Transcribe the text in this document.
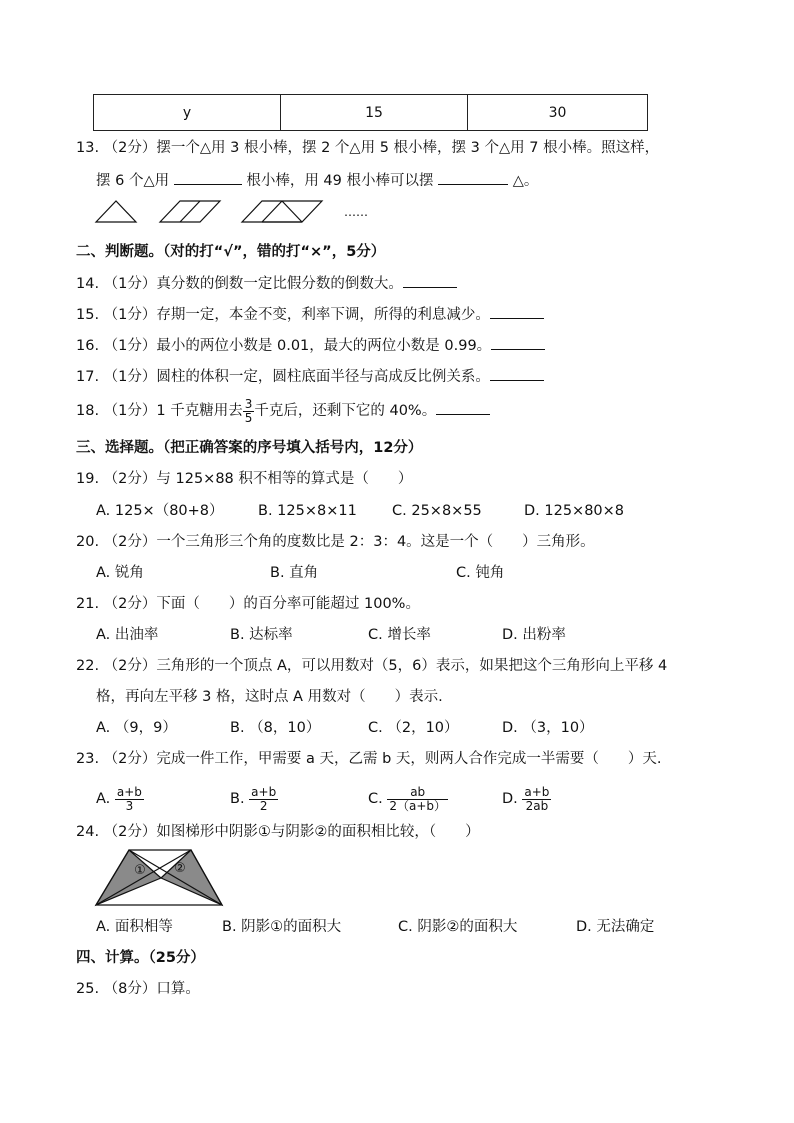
y	15	30
13. （2分）摆一个△用 3 根小棒，摆 2 个△用 5 根小棒，摆 3 个△用 7 根小棒。照这样，
摆 6 个△用	根小棒，用 49 根小棒可以摆	△。
……
二、判断题。（对的打“√”，错的打“×”，5分）
14. （1分）真分数的倒数一定比假分数的倒数大。
15. （1分）存期一定，本金不变，利率下调，所得的利息减少。
16. （1分）最小的两位小数是 0.01，最大的两位小数是 0.99。
17. （1分）圆柱的体积一定，圆柱底面半径与高成反比例关系。
18. （1分）1 千克糖用去 $\frac{3}{5}$ 千克后，还剩下它的 40%。
三、选择题。（把正确答案的序号填入括号内，12分）
19. （2分）与 125×88 积不相等的算式是（　　）
A. 125×（80+8） B. 125×8×11 C. 25×8×55	D. 125×80×8
20. （2分）一个三角形三个角的度数比是 2：3：4。这是一个（　　）三角形。
A. 锐角	B. 直角	C. 钝角
21. （2分）下面（　　）的百分率可能超过 100%。
A. 出油率	B. 达标率	C. 增长率	D. 出粉率
22. （2分）三角形的一个顶点 A，可以用数对（5，6）表示，如果把这个三角形向上平移 4
格，再向左平移 3 格，这时点 A 用数对（　　）表示.
A. （9，9）	B. （8，10）	C. （2，10）	D. （3，10）
23. （2分）完成一件工作，甲需要 a 天，乙需 b 天，则两人合作完成一半需要（　　）天.
A. $\frac{a+b}{3}$	B. $\frac{a+b}{2}$	C. $\frac{ab}{2(a+b)}$	D. $\frac{a+b}{2ab}$
24. （2分）如图梯形中阴影①与阴影②的面积相比较，（　　）
① ②
A. 面积相等	B. 阴影①的面积大	C. 阴影②的面积大	D. 无法确定
四、计算。（25分）
25. （8分）口算。
